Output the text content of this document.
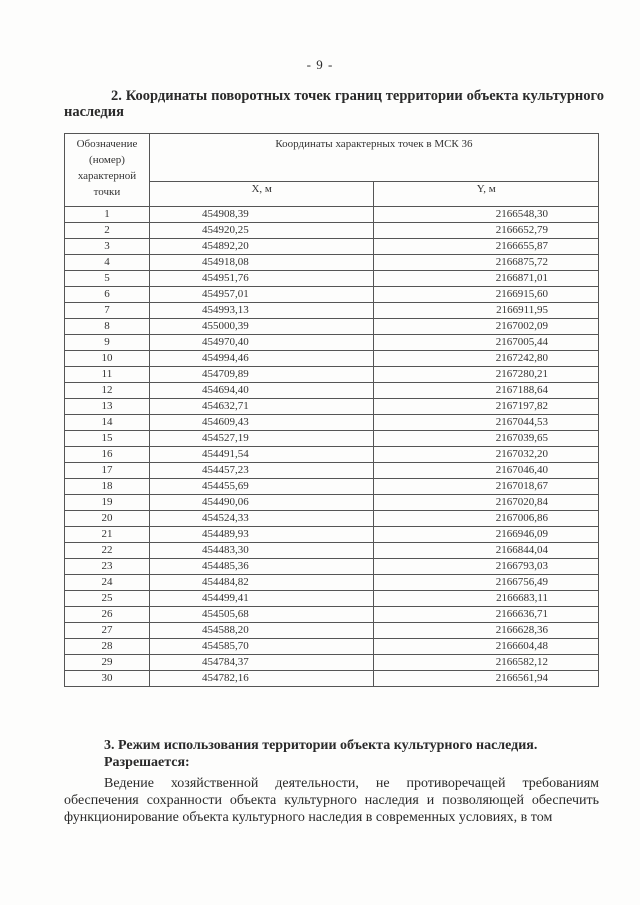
- 9 -
2. Координаты поворотных точек границ территории объекта культурного наследия
Обозначение (номер) характерной точки	Координаты характерных точек в МСК 36	
	X, м	Y, м
1	454908,39	2166548,30
2	454920,25	2166652,79
3	454892,20	2166655,87
4	454918,08	2166875,72
5	454951,76	2166871,01
6	454957,01	2166915,60
7	454993,13	2166911,95
8	455000,39	2167002,09
9	454970,40	2167005,44
10	454994,46	2167242,80
11	454709,89	2167280,21
12	454694,40	2167188,64
13	454632,71	2167197,82
14	454609,43	2167044,53
15	454527,19	2167039,65
16	454491,54	2167032,20
17	454457,23	2167046,40
18	454455,69	2167018,67
19	454490,06	2167020,84
20	454524,33	2167006,86
21	454489,93	2166946,09
22	454483,30	2166844,04
23	454485,36	2166793,03
24	454484,82	2166756,49
25	454499,41	2166683,11
26	454505,68	2166636,71
27	454588,20	2166628,36
28	454585,70	2166604,48
29	454784,37	2166582,12
30	454782,16	2166561,94
3. Режим использования территории объекта культурного наследия.
Разрешается:
Ведение хозяйственной деятельности, не противоречащей требованиям обеспечения сохранности объекта культурного наследия и позволяющей обеспечить функционирование объекта культурного наследия в современных условиях, в том
